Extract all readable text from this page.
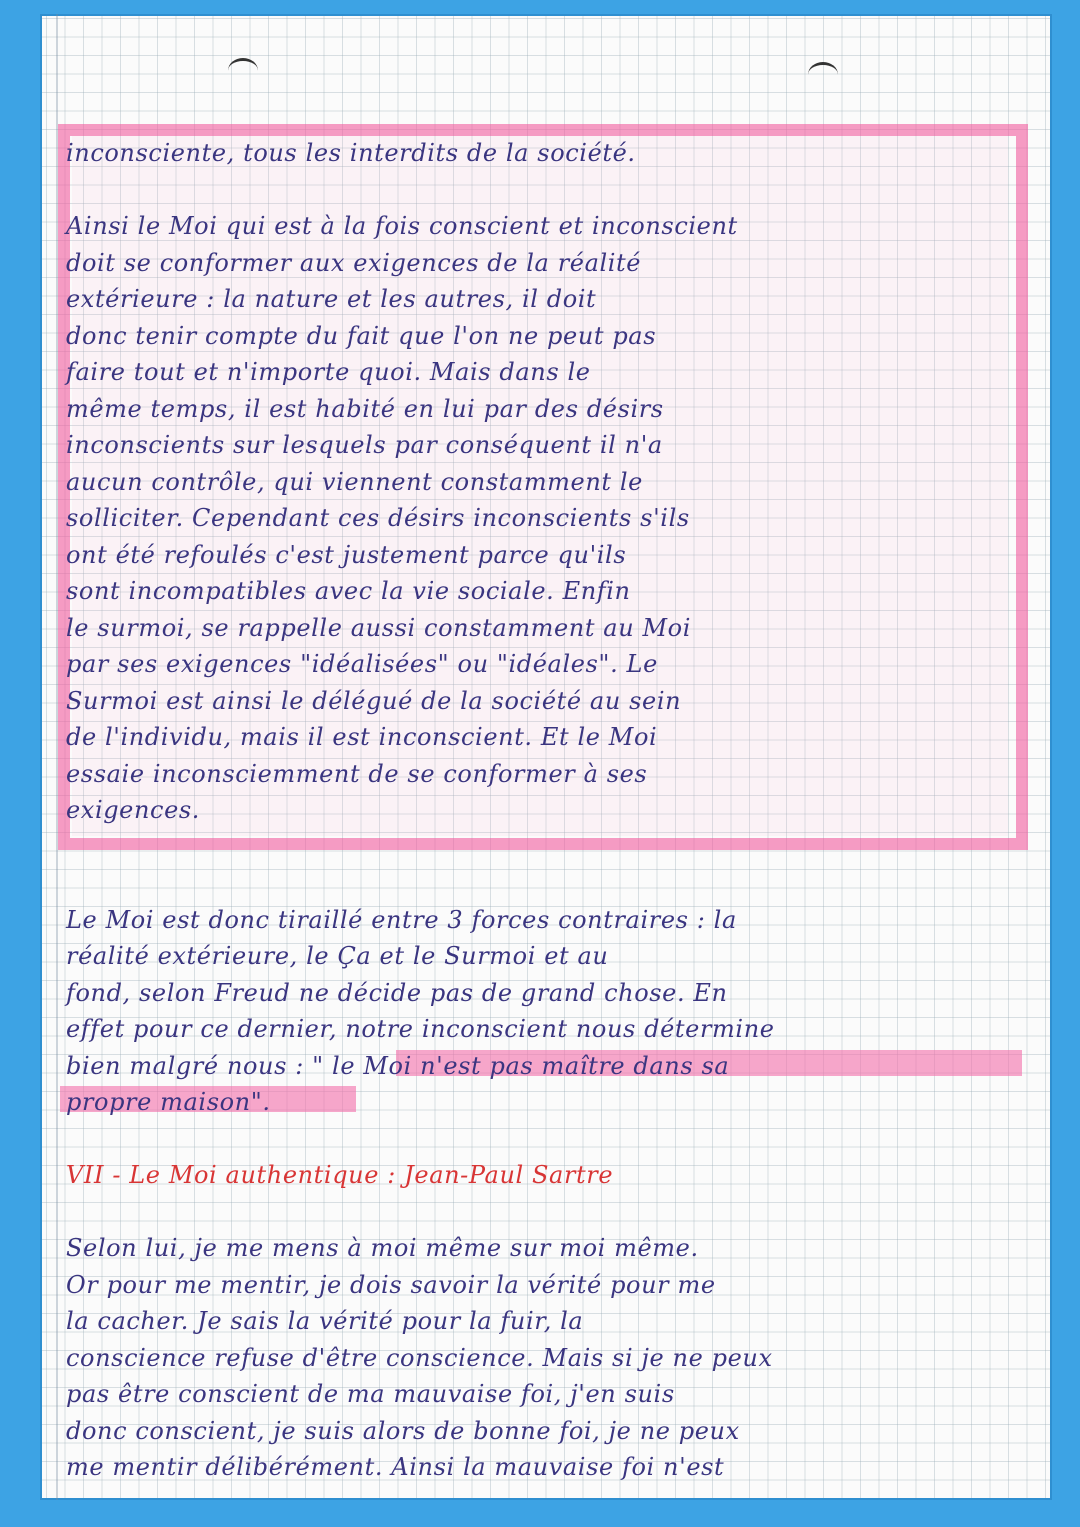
inconsciente, tous les interdits de la société.

Ainsi le Moi qui est à la fois conscient et inconscient
doit se conformer aux exigences de la réalité
extérieure : la nature et les autres, il doit
donc tenir compte du fait que l'on ne peut pas
faire tout et n'importe quoi. Mais dans le
même temps, il est habité en lui par des désirs
inconscients sur lesquels par conséquent il n'a
aucun contrôle, qui viennent constamment le
solliciter. Cependant ces désirs inconscients s'ils
ont été refoulés c'est justement parce qu'ils
sont incompatibles avec la vie sociale. Enfin
le surmoi, se rappelle aussi constamment au Moi
par ses exigences "idéalisées" ou "idéales". Le
Surmoi est ainsi le délégué de la société au sein
de l'individu, mais il est inconscient. Et le Moi
essaie inconsciemment de se conformer à ses
exigences.
Le Moi est donc tiraillé entre 3 forces contraires : la
réalité extérieure, le Ça et le Surmoi et au
fond, selon Freud ne décide pas de grand chose. En
effet pour ce dernier, notre inconscient nous détermine
bien malgré nous : " le Moi n'est pas maître dans sa
propre maison".
VII - Le Moi authentique : Jean-Paul Sartre
Selon lui, je me mens à moi même sur moi même.
Or pour me mentir, je dois savoir la vérité pour me
la cacher. Je sais la vérité pour la fuir, la
conscience refuse d'être conscience. Mais si je ne peux
pas être conscient de ma mauvaise foi, j'en suis
donc conscient, je suis alors de bonne foi, je ne peux
me mentir délibérément. Ainsi la mauvaise foi n'est
